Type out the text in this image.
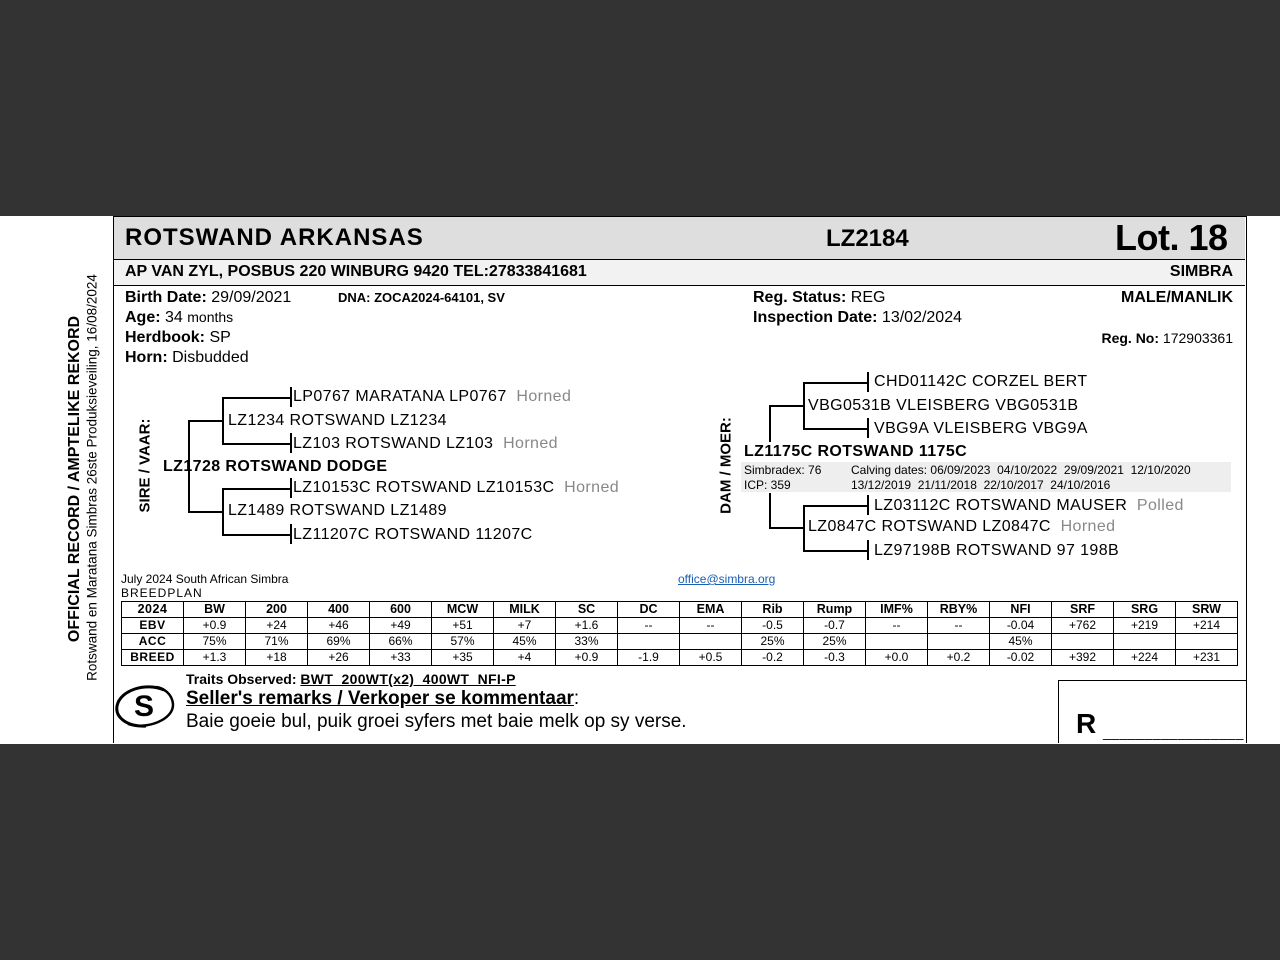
OFFICIAL RECORD / AMPTELIKE REKORD Rotswand en Maratana Simbras 26ste Produksieveiling, 16/08/2024
ROTSWAND ARKANSAS	LZ2184	Lot. 18
AP VAN ZYL, POSBUS 220 WINBURG 9420 TEL:27833841681	SIMBRA
Birth Date: 29/09/2021	DNA: ZOCA2024-64101, SV
Age: 34 months
Herdbook: SP
Horn: Disbudded
Reg. Status: REG
Inspection Date: 13/02/2024
MALE/MANLIK
Reg. No: 172903361
SIRE / VAAR:
LP0767 MARATANA LP0767 Horned
LZ1234 ROTSWAND LZ1234
LZ103 ROTSWAND LZ103 Horned
LZ1728 ROTSWAND DODGE
LZ10153C ROTSWAND LZ10153C Horned
LZ1489 ROTSWAND LZ1489
LZ11207C ROTSWAND 11207C
DAM / MOER:
CHD01142C CORZEL BERT
VBG0531B VLEISBERG VBG0531B
VBG9A VLEISBERG VBG9A
LZ1175C ROTSWAND 1175C
Simbradex: 76
ICP: 359
Calving dates: 06/09/2023  04/10/2022  29/09/2021  12/10/2020
13/12/2019  21/11/2018  22/10/2017  24/10/2016
LZ03112C ROTSWAND MAUSER Polled
LZ0847C ROTSWAND LZ0847C Horned
LZ97198B ROTSWAND 97 198B
July 2024 South African Simbra
BREEDPLAN
office@simbra.org
2024	BW	200	400	600	MCW	MILK	SC	DC	EMA	Rib	Rump	IMF%	RBY%	NFI	SRF	SRG	SRW
EBV	+0.9	+24	+46	+49	+51	+7	+1.6	--	--	-0.5	-0.7	--	--	-0.04	+762	+219	+214
ACC	75%	71%	69%	66%	57%	45%	33%			25%	25%			45%			
BREED	+1.3	+18	+26	+33	+35	+4	+0.9	-1.9	+0.5	-0.2	-0.3	+0.0	+0.2	-0.02	+392	+224	+231
S
Traits Observed: BWT  200WT(x2)  400WT  NFI-P
Seller's remarks / Verkoper se kommentaar:
Baie goeie bul, puik groei syfers met baie melk op sy verse.	R _________________
